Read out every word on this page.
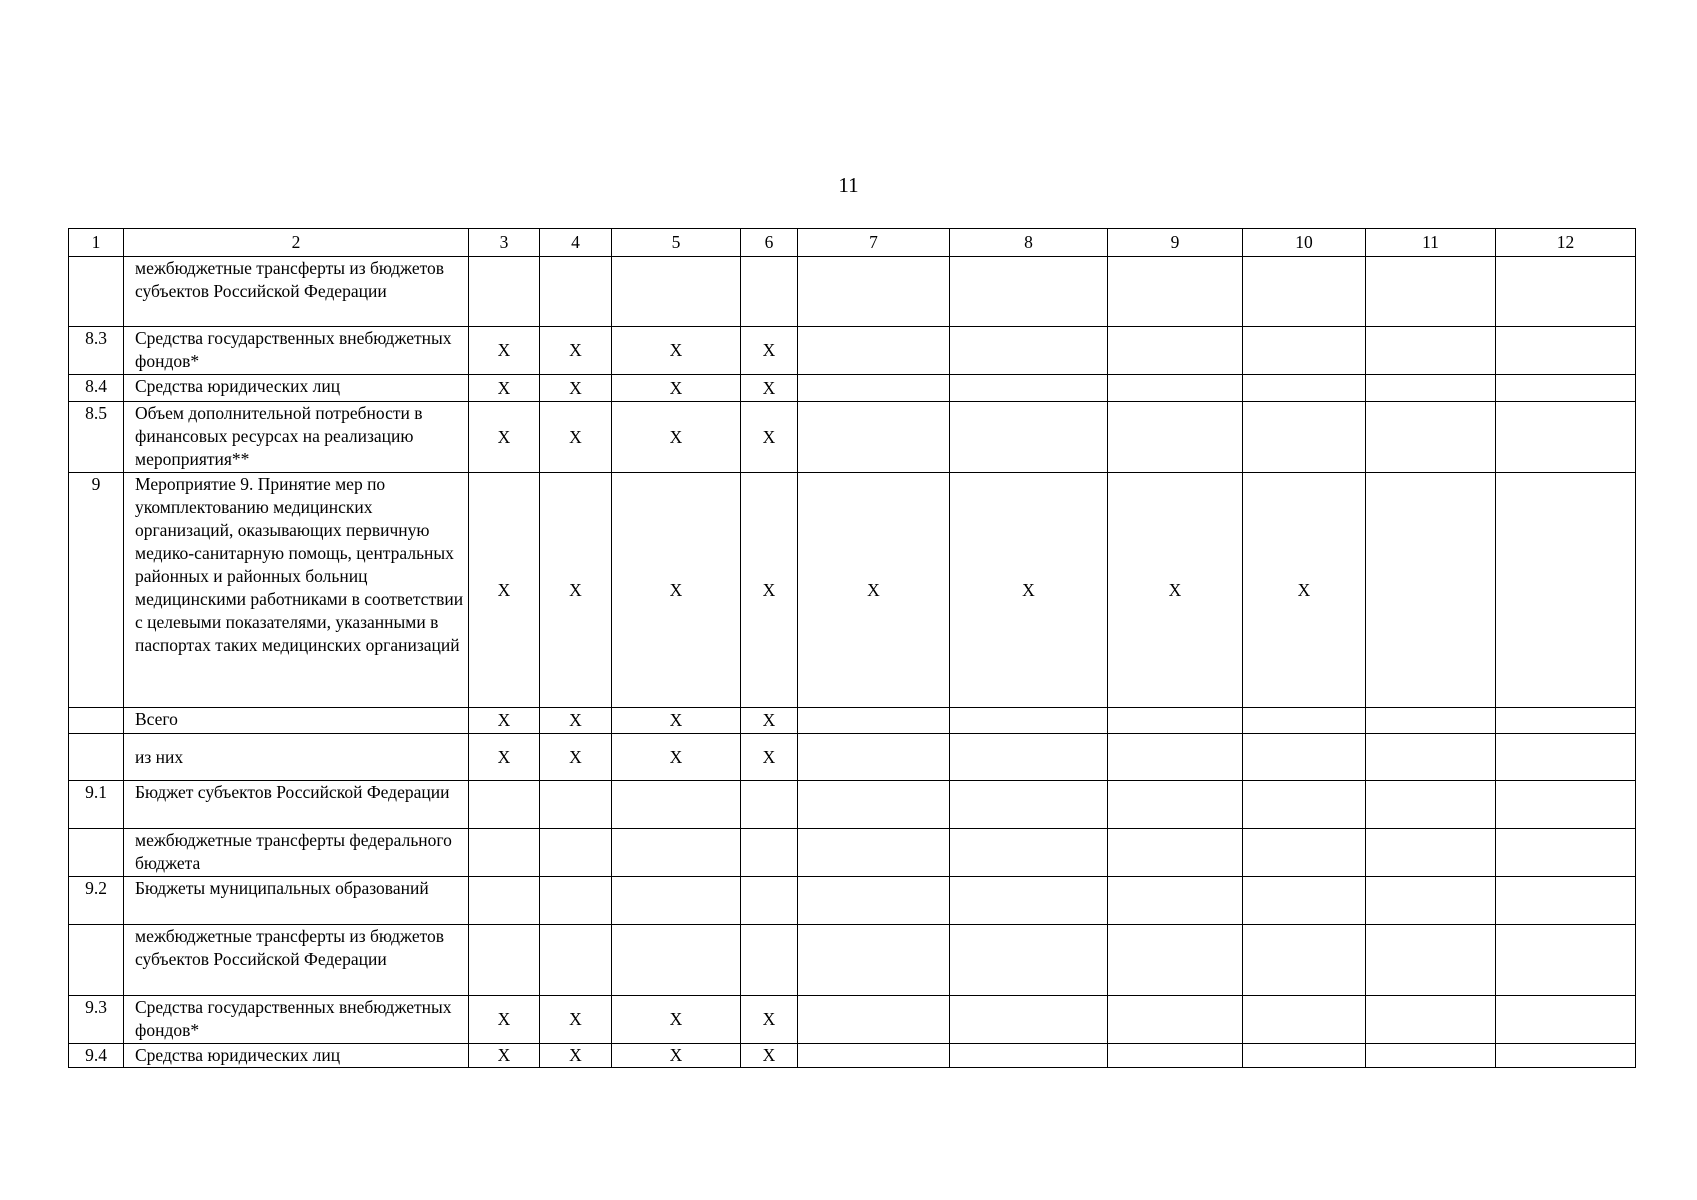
11
1	2	3	4	5	6	7	8	9	10	11	12
	межбюджетные трансферты из бюджетов субъектов Российской Федерации										
8.3	Средства государственных внебюджетных фондов*	X	X	X	X						
8.4	Средства юридических лиц	X	X	X	X						
8.5	Объем дополнительной потребности в финансовых ресурсах на реализацию мероприятия**	X	X	X	X						
9	Мероприятие 9. Принятие мер по укомплектованию медицинских организаций, оказывающих первичную медико-санитарную помощь, центральных районных и районных больниц медицинскими работниками в соответствии с целевыми показателями, указанными в паспортах таких медицинских организаций	X	X	X	X	X	X	X	X		
	Всего	X	X	X	X						
	из них	X	X	X	X						
9.1	Бюджет субъектов Российской Федерации										
	межбюджетные трансферты федерального бюджета										
9.2	Бюджеты муниципальных образований										
	межбюджетные трансферты из бюджетов субъектов Российской Федерации										
9.3	Средства государственных внебюджетных фондов*	X	X	X	X						
9.4	Средства юридических лиц	X	X	X	X						
